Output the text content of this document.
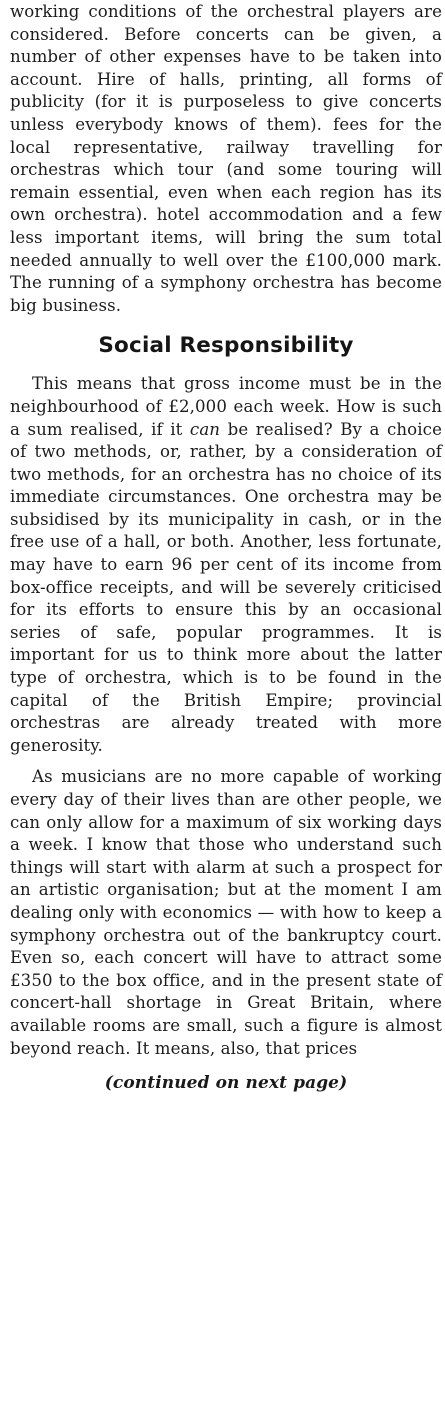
working conditions of the orchestral players are considered. Before concerts can be given, a number of other expenses have to be taken into account. Hire of halls, printing, all forms of publicity (for it is purposeless to give concerts unless everybody knows of them). fees for the local representative, railway travelling for orchestras which tour (and some touring will remain essential, even when each region has its own orchestra). hotel accommodation and a few less important items, will bring the sum total needed annually to well over the £100,000 mark. The running of a symphony orchestra has become big business.

Social Responsibility

This means that gross income must be in the neighbourhood of £2,000 each week. How is such a sum realised, if it can be realised? By a choice of two methods, or, rather, by a consideration of two methods, for an orchestra has no choice of its immediate circumstances. One orchestra may be subsidised by its municipality in cash, or in the free use of a hall, or both. Another, less fortunate, may have to earn 96 per cent of its income from box-office receipts, and will be severely criticised for its efforts to ensure this by an occasional series of safe, popular programmes. It is important for us to think more about the latter type of orchestra, which is to be found in the capital of the British Empire; provincial orchestras are already treated with more generosity.

As musicians are no more capable of working every day of their lives than are other people, we can only allow for a maximum of six working days a week. I know that those who understand such things will start with alarm at such a prospect for an artistic organisation; but at the moment I am dealing only with economics — with how to keep a symphony orchestra out of the bankruptcy court. Even so, each concert will have to attract some £350 to the box office, and in the present state of concert-hall shortage in Great Britain, where available rooms are small, such a figure is almost beyond reach. It means, also, that prices

(continued on next page)
